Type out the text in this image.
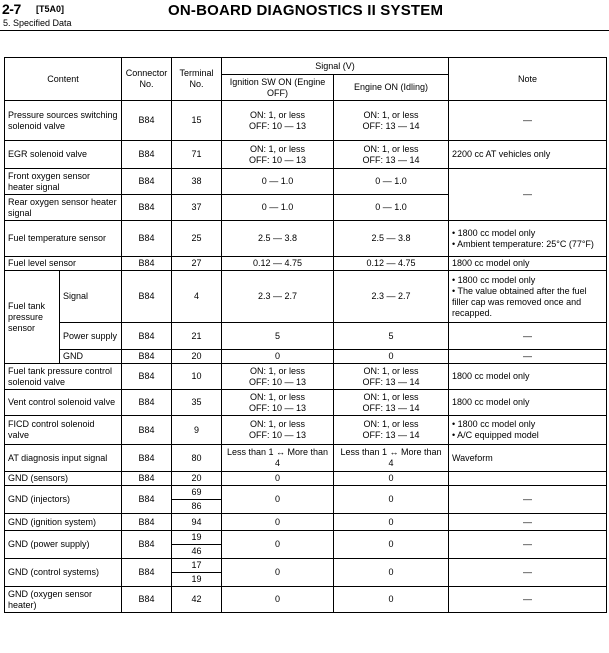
2-7 [T5A0]
5. Specified Data
ON-BOARD DIAGNOSTICS II SYSTEM
Content		Connector No.	Terminal No.	Signal (V)		Note
				Ignition SW ON (Engine OFF)	Engine ON (Idling)	
Pressure sources switching solenoid valve		B84	15	ON: 1, or less
OFF: 10 — 13	ON: 1, or less
OFF: 13 — 14	—
EGR solenoid valve		B84	71	ON: 1, or less
OFF: 10 — 13	ON: 1, or less
OFF: 13 — 14	2200 cc AT vehicles only
Front oxygen sensor heater signal		B84	38	0 — 1.0	0 — 1.0	—
Rear oxygen sensor heater signal		B84	37	0 — 1.0	0 — 1.0	
Fuel temperature sensor		B84	25	2.5 — 3.8	2.5 — 3.8	• 1800 cc model only
• Ambient temperature: 25°C (77°F)
Fuel level sensor		B84	27	0.12 — 4.75	0.12 — 4.75	1800 cc model only
Fuel tank pressure sensor	Signal	B84	4	2.3 — 2.7	2.3 — 2.7	• 1800 cc model only
• The value obtained after the fuel filler cap was removed once and recapped.
	Power supply	B84	21	5	5	—
	GND	B84	20	0	0	—
Fuel tank pressure control solenoid valve		B84	10	ON: 1, or less
OFF: 10 — 13	ON: 1, or less
OFF: 13 — 14	1800 cc model only
Vent control solenoid valve		B84	35	ON: 1, or less
OFF: 10 — 13	ON: 1, or less
OFF: 13 — 14	1800 cc model only
FICD control solenoid valve		B84	9	ON: 1, or less
OFF: 10 — 13	ON: 1, or less
OFF: 13 — 14	• 1800 cc model only
• A/C equipped model
AT diagnosis input signal		B84	80	Less than 1 ↔ More than 4	Less than 1 ↔ More than 4	Waveform
GND (sensors)		B84	20	0	0	
GND (injectors)		B84	69	0	0	—
			86			
GND (ignition system)		B84	94	0	0	—
GND (power supply)		B84	19	0	0	—
			46			
GND (control systems)		B84	17	0	0	—
			19			
GND (oxygen sensor heater)		B84	42	0	0	—
